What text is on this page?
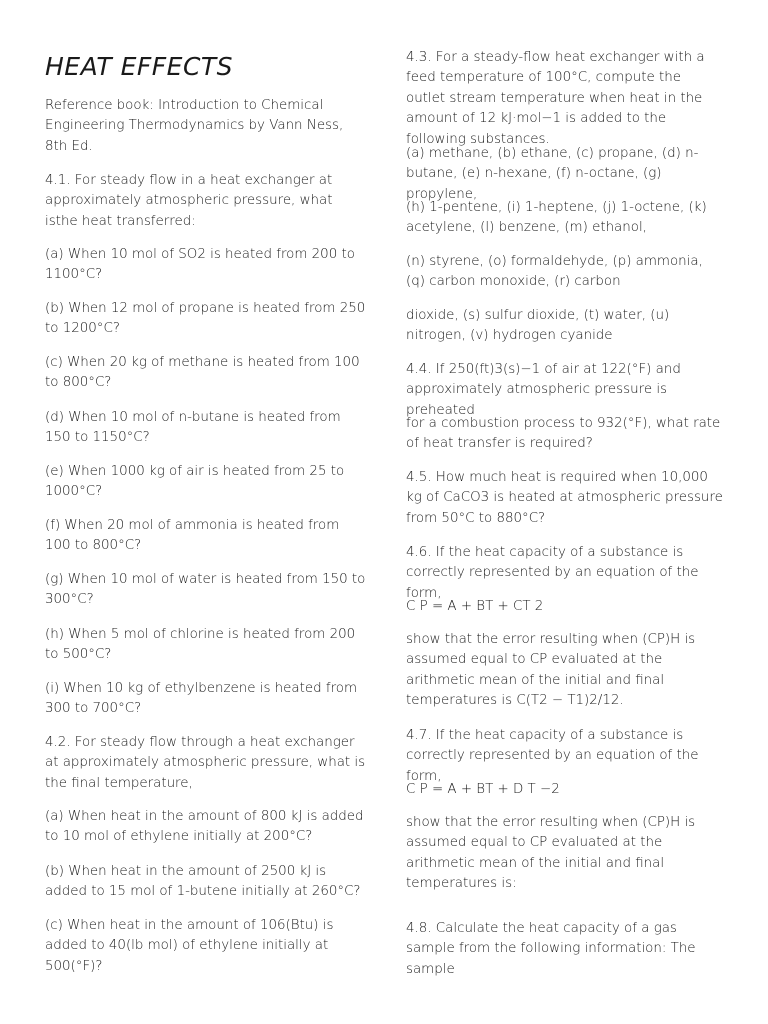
HEAT EFFECTS

Reference book: Introduction to Chemical Engineering Thermodynamics by Vann Ness, 8th Ed.

4.1. For steady flow in a heat exchanger at approximately atmospheric pressure, what isthe heat transferred:

(a) When 10 mol of SO2 is heated from 200 to 1100°C?

(b) When 12 mol of propane is heated from 250 to 1200°C?

(c) When 20 kg of methane is heated from 100 to 800°C?

(d) When 10 mol of n-butane is heated from 150 to 1150°C?

(e) When 1000 kg of air is heated from 25 to 1000°C?

(f) When 20 mol of ammonia is heated from 100 to 800°C?

(g) When 10 mol of water is heated from 150 to 300°C?

(h) When 5 mol of chlorine is heated from 200 to 500°C?

(i) When 10 kg of ethylbenzene is heated from 300 to 700°C?

4.2. For steady flow through a heat exchanger at approximately atmospheric pressure, what is the final temperature,

(a) When heat in the amount of 800 kJ is added to 10 mol of ethylene initially at 200°C?

(b) When heat in the amount of 2500 kJ is added to 15 mol of 1-butene initially at 260°C?

(c) When heat in the amount of 106(Btu) is added to 40(lb mol) of ethylene initially at 500(°F)?

4.3. For a steady-flow heat exchanger with a feed temperature of 100°C, compute the outlet stream temperature when heat in the amount of 12 kJ·mol−1 is added to the following substances.

(a) methane, (b) ethane, (c) propane, (d) n-butane, (e) n-hexane, (f) n-octane, (g) propylene,

(h) 1-pentene, (i) 1-heptene, (j) 1-octene, (k) acetylene, (l) benzene, (m) ethanol,

(n) styrene, (o) formaldehyde, (p) ammonia, (q) carbon monoxide, (r) carbon

dioxide, (s) sulfur dioxide, (t) water, (u) nitrogen, (v) hydrogen cyanide

4.4. If 250(ft)3(s)−1 of air at 122(°F) and approximately atmospheric pressure is preheated

for a combustion process to 932(°F), what rate of heat transfer is required?

4.5. How much heat is required when 10,000 kg of CaCO3 is heated at atmospheric pressure from 50°C to 880°C?

4.6. If the heat capacity of a substance is correctly represented by an equation of the form,

C P = A + BT + CT 2

show that the error resulting when (CP)H is assumed equal to CP evaluated at the arithmetic mean of the initial and final temperatures is C(T2 − T1)2/12.

4.7. If the heat capacity of a substance is correctly represented by an equation of the form,

C P = A + BT + D T −2

show that the error resulting when (CP)H is assumed equal to CP evaluated at the arithmetic mean of the initial and final temperatures is:

4.8. Calculate the heat capacity of a gas sample from the following information: The sample
